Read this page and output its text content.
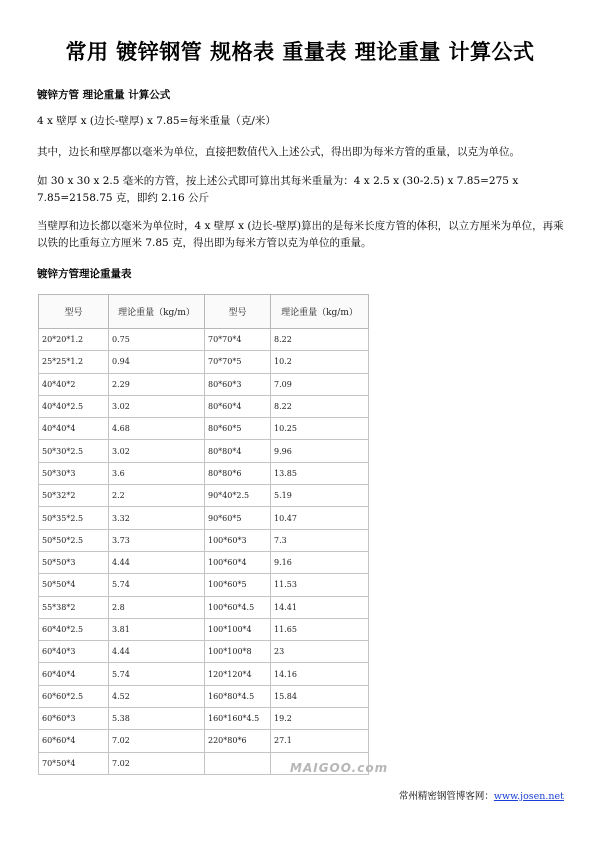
常用 镀锌钢管 规格表 重量表 理论重量 计算公式
镀锌方管 理论重量 计算公式
4 x 壁厚 x (边长-壁厚) x 7.85=每米重量（克/米）
其中，边长和壁厚都以毫米为单位，直接把数值代入上述公式，得出即为每米方管的重量，以克为单位。
如 30 x 30 x 2.5 毫米的方管，按上述公式即可算出其每米重量为：4 x 2.5 x (30-2.5) x 7.85=275 x 7.85=2158.75 克，即约 2.16 公斤
当壁厚和边长都以毫米为单位时，4 x 壁厚 x (边长-壁厚)算出的是每米长度方管的体积，以立方厘米为单位，再乘以铁的比重每立方厘米 7.85 克，得出即为每米方管以克为单位的重量。
镀锌方管理论重量表
型号	理论重量（kg/m）	型号	理论重量（kg/m）
20*20*1.2	0.75	70*70*4	8.22
25*25*1.2	0.94	70*70*5	10.2
40*40*2	2.29	80*60*3	7.09
40*40*2.5	3.02	80*60*4	8.22
40*40*4	4.68	80*60*5	10.25
50*30*2.5	3.02	80*80*4	9.96
50*30*3	3.6	80*80*6	13.85
50*32*2	2.2	90*40*2.5	5.19
50*35*2.5	3.32	90*60*5	10.47
50*50*2.5	3.73	100*60*3	7.3
50*50*3	4.44	100*60*4	9.16
50*50*4	5.74	100*60*5	11.53
55*38*2	2.8	100*60*4.5	14.41
60*40*2.5	3.81	100*100*4	11.65
60*40*3	4.44	100*100*8	23
60*40*4	5.74	120*120*4	14.16
60*60*2.5	4.52	160*80*4.5	15.84
60*60*3	5.38	160*160*4.5	19.2
60*60*4	7.02	220*80*6	27.1
70*50*4	7.02			MAIGOO.com
常州精密钢管博客网：www.josen.net
